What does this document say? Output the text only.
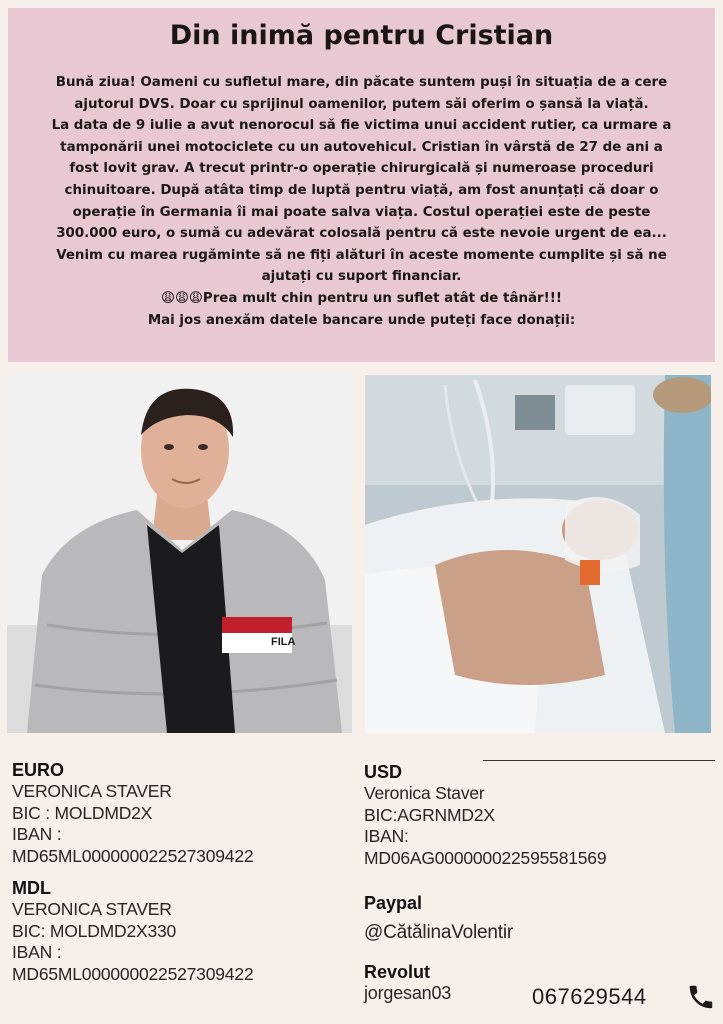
Din inimă pentru Cristian

Bună ziua! Oameni cu sufletul mare, din păcate suntem puși în situația de a cere

ajutorul DVS. Doar cu sprijinul oamenilor, putem săi oferim o șansă la viață.

La data de 9 iulie a avut nenorocul să fie victima unui accident rutier, ca urmare a

tamponării unei motociclete cu un autovehicul. Cristian în vârstă de 27 de ani a

fost lovit grav. A trecut printr-o operație chirurgicală și numeroase proceduri

chinuitoare. După atâta timp de luptă pentru viață, am fost anunțați că doar o

operație în Germania îi mai poate salva viața. Costul operației este de peste

300.000 euro, o sumă cu adevărat colosală pentru că este nevoie urgent de ea...

Venim cu marea rugăminte să ne fiți alături în aceste momente cumplite și să ne

ajutați cu suport financiar.

😩😩😩Prea mult chin pentru un suflet atât de tânăr!!!

Mai jos anexăm datele bancare unde puteți face donații:

FILA
EURO
VERONICA STAVER
BIC : MOLDMD2X
IBAN :
MD65ML000000022527309422
MDL
VERONICA STAVER
BIC: MOLDMD2X330
IBAN :
MD65ML000000022527309422
USD
Veronica Staver
BIC:AGRNMD2X
IBAN:
MD06AG000000022595581569
Paypal
@CătălinaVolentir
Revolut
jorgesan03	067629544
